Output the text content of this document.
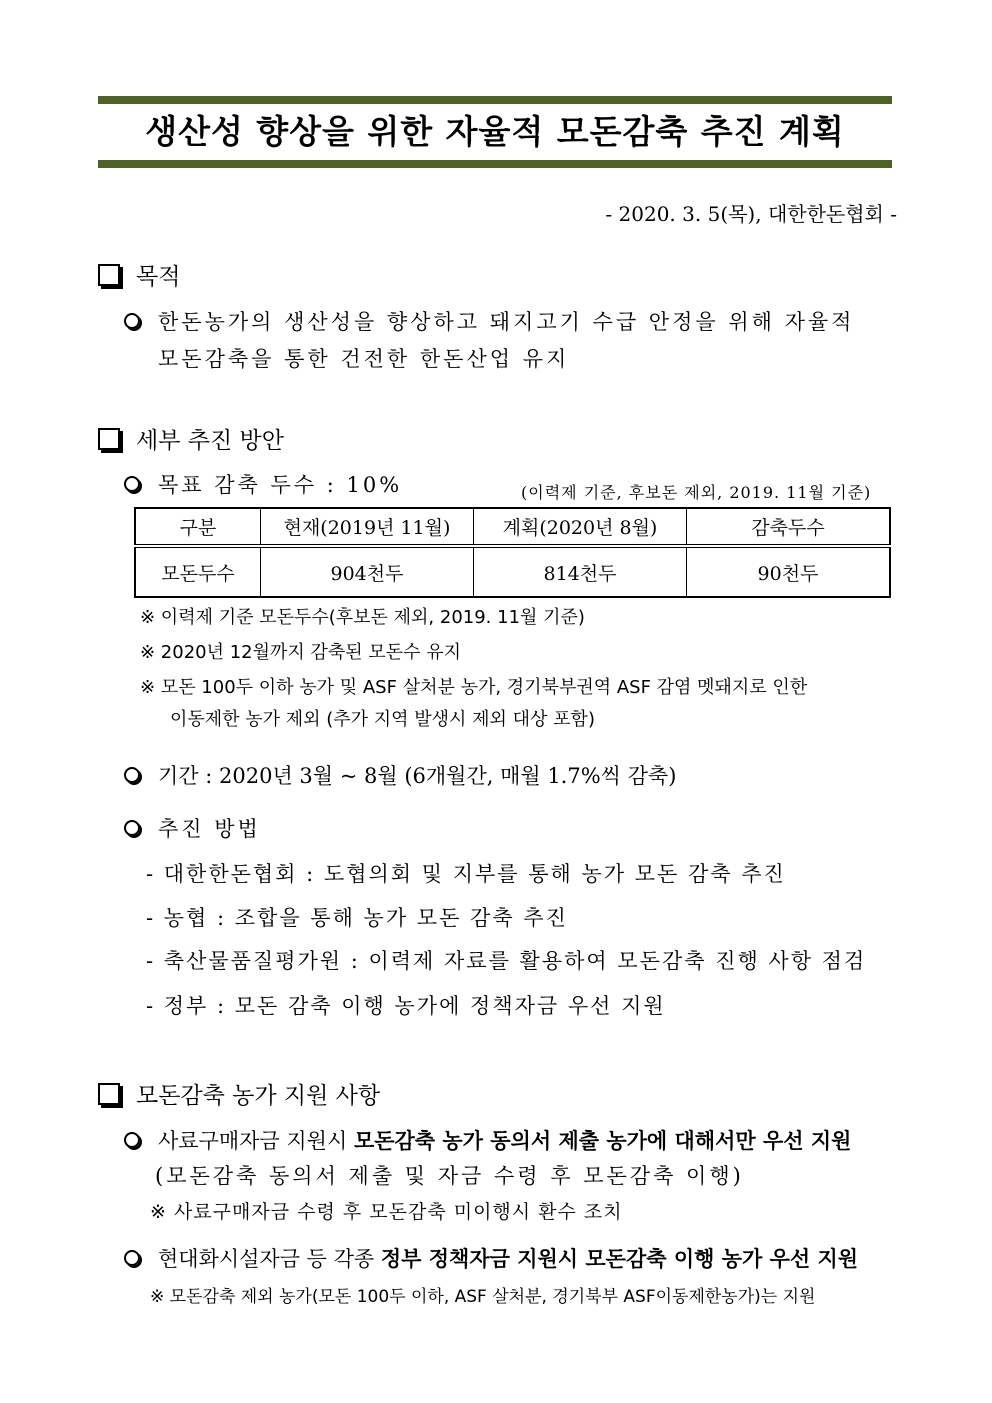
생산성 향상을 위한 자율적 모돈감축 추진 계획
- 2020. 3. 5(목), 대한한돈협회 -
목적
한돈농가의 생산성을 향상하고 돼지고기 수급 안정을 위해 자율적
모돈감축을 통한 건전한 한돈산업 유지
세부 추진 방안
목표 감축 두수 : 10%	(이력제 기준, 후보돈 제외, 2019. 11월 기준)
구분	현재(2019년 11월)	계획(2020년 8월)	감축두수
모돈두수	904천두	814천두	90천두
※ 이력제 기준 모돈두수(후보돈 제외, 2019. 11월 기준)
※ 2020년 12월까지 감축된 모돈수 유지
※ 모돈 100두 이하 농가 및 ASF 살처분 농가, 경기북부권역 ASF 감염 멧돼지로 인한
이동제한 농가 제외 (추가 지역 발생시 제외 대상 포함)
기간 : 2020년 3월 ~ 8월 (6개월간, 매월 1.7%씩 감축)
추진 방법
- 대한한돈협회 : 도협의회 및 지부를 통해 농가 모돈 감축 추진
- 농협 : 조합을 통해 농가 모돈 감축 추진
- 축산물품질평가원 : 이력제 자료를 활용하여 모돈감축 진행 사항 점검
- 정부 : 모돈 감축 이행 농가에 정책자금 우선 지원
모돈감축 농가 지원 사항
사료구매자금 지원시 모돈감축 농가 동의서 제출 농가에 대해서만 우선 지원
(모돈감축 동의서 제출 및 자금 수령 후 모돈감축 이행)
※ 사료구매자금 수령 후 모돈감축 미이행시 환수 조치
현대화시설자금 등 각종 정부 정책자금 지원시 모돈감축 이행 농가 우선 지원
※ 모돈감축 제외 농가(모돈 100두 이하, ASF 살처분, 경기북부 ASF이동제한농가)는 지원
